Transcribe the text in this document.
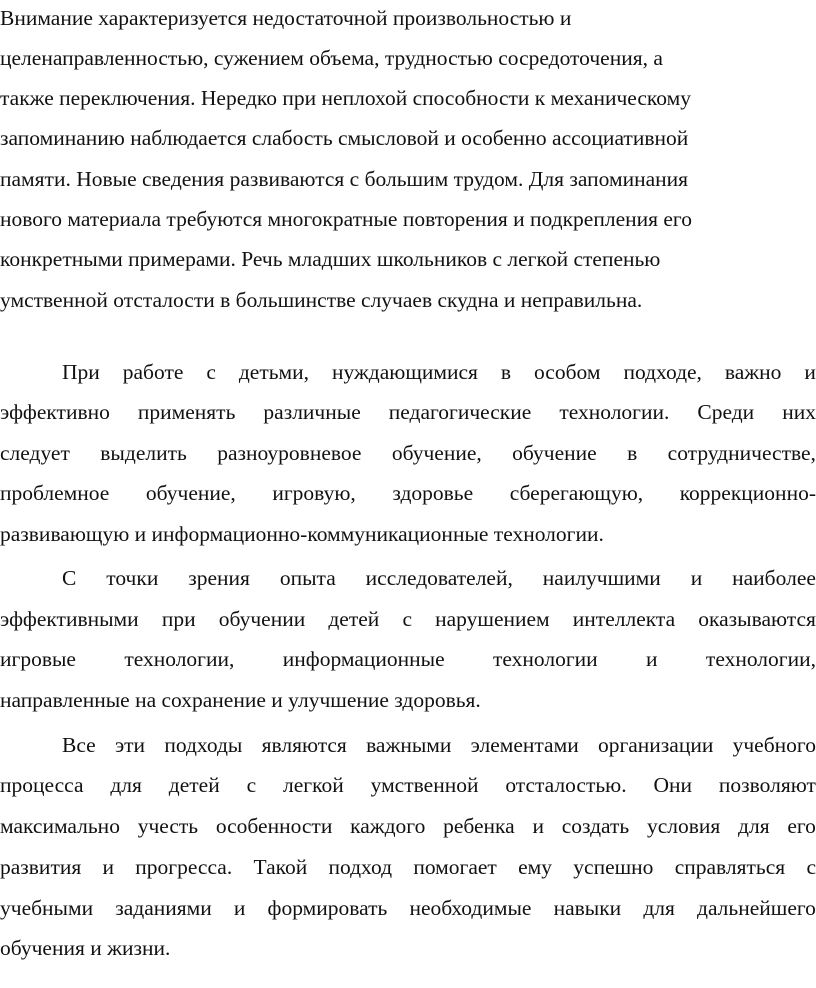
Внимание характеризуется недостаточной произвольностью и
целенаправленностью, сужением объема, трудностью сосредоточения, а
также переключения. Нередко при неплохой способности к механическому
запоминанию наблюдается слабость смысловой и особенно ассоциативной
памяти. Новые сведения развиваются с большим трудом. Для запоминания
нового материала требуются многократные повторения и подкрепления его
конкретными примерами. Речь младших школьников с легкой степенью
умственной отсталости в большинстве случаев скудна и неправильна.
При работе с детьми, нуждающимися в особом подходе, важно и
эффективно применять различные педагогические технологии. Среди них
следует выделить разноуровневое обучение, обучение в сотрудничестве,
проблемное обучение, игровую, здоровье сберегающую, коррекционно-
развивающую и информационно-коммуникационные технологии.
С точки зрения опыта исследователей, наилучшими и наиболее
эффективными при обучении детей с нарушением интеллекта оказываются
игровые технологии, информационные технологии и технологии,
направленные на сохранение и улучшение здоровья.
Все эти подходы являются важными элементами организации учебного
процесса для детей с легкой умственной отсталостью. Они позволяют
максимально учесть особенности каждого ребенка и создать условия для его
развития и прогресса. Такой подход помогает ему успешно справляться с
учебными заданиями и формировать необходимые навыки для дальнейшего
обучения и жизни.
